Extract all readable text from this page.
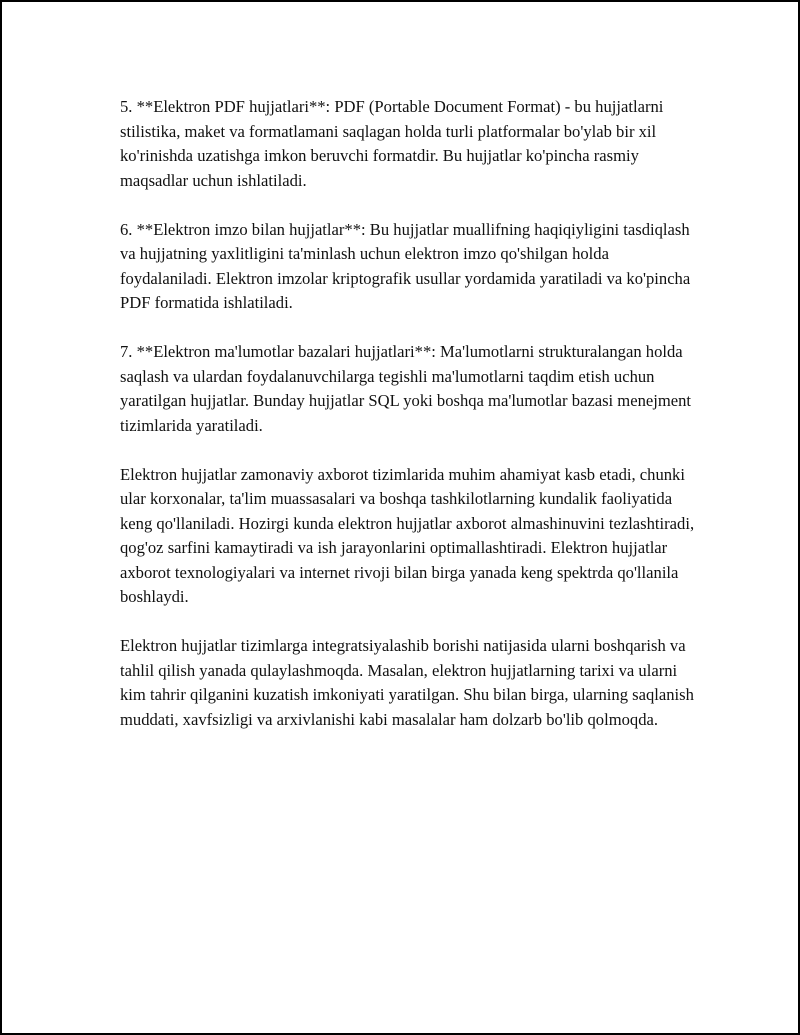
5. **Elektron PDF hujjatlari**: PDF (Portable Document Format) - bu hujjatlarni stilistika, maket va formatlamani saqlagan holda turli platformalar bo'ylab bir xil ko'rinishda uzatishga imkon beruvchi formatdir. Bu hujjatlar ko'pincha rasmiy maqsadlar uchun ishlatiladi.

6. **Elektron imzo bilan hujjatlar**: Bu hujjatlar muallifning haqiqiyligini tasdiqlash va hujjatning yaxlitligini ta'minlash uchun elektron imzo qo'shilgan holda foydalaniladi. Elektron imzolar kriptografik usullar yordamida yaratiladi va ko'pincha PDF formatida ishlatiladi.

7. **Elektron ma'lumotlar bazalari hujjatlari**: Ma'lumotlarni strukturalangan holda saqlash va ulardan foydalanuvchilarga tegishli ma'lumotlarni taqdim etish uchun yaratilgan hujjatlar. Bunday hujjatlar SQL yoki boshqa ma'lumotlar bazasi menejment tizimlarida yaratiladi.

Elektron hujjatlar zamonaviy axborot tizimlarida muhim ahamiyat kasb etadi, chunki ular korxonalar, ta'lim muassasalari va boshqa tashkilotlarning kundalik faoliyatida keng qo'llaniladi. Hozirgi kunda elektron hujjatlar axborot almashinuvini tezlashtiradi, qog'oz sarfini kamaytiradi va ish jarayonlarini optimallashtiradi. Elektron hujjatlar axborot texnologiyalari va internet rivoji bilan birga yanada keng spektrda qo'llanila boshlaydi.

Elektron hujjatlar tizimlarga integratsiyalashib borishi natijasida ularni boshqarish va tahlil qilish yanada qulaylashmoqda. Masalan, elektron hujjatlarning tarixi va ularni kim tahrir qilganini kuzatish imkoniyati yaratilgan. Shu bilan birga, ularning saqlanish muddati, xavfsizligi va arxivlanishi kabi masalalar ham dolzarb bo'lib qolmoqda.
